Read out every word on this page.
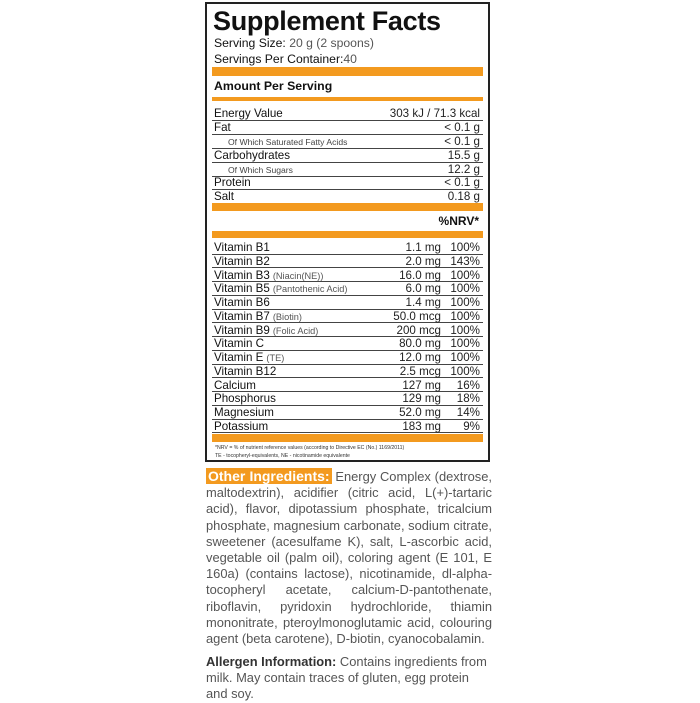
Supplement Facts
Serving Size: 20 g (2 spoons)
Servings Per Container:40
Amount Per Serving
Energy Value	303 kJ / 71.3 kcal
Fat	< 0.1 g
Of Which Saturated Fatty Acids	< 0.1 g
Carbohydrates	15.5 g
Of Which Sugars	12.2 g
Protein	< 0.1 g
Salt	0.18 g
%NRV*
Vitamin B1	1.1 mg 100%
Vitamin B2	2.0 mg 143%
Vitamin B3 (Niacin(NE))	16.0 mg 100%
Vitamin B5 (Pantothenic Acid)	6.0 mg 100%
Vitamin B6	1.4 mg 100%
Vitamin B7 (Biotin)	50.0 mcg 100%
Vitamin B9 (Folic Acid)	200 mcg 100%
Vitamin C	80.0 mg 100%
Vitamin E (TE)	12.0 mg 100%
Vitamin B12	2.5 mcg 100%
Calcium	127 mg	16%
Phosphorus	129 mg	18%
Magnesium	52.0 mg	14%
Potassium	183 mg	9%
*NRV = % of nutrient reference values (according to Directive EC (No.) 1169/2011)
TE - tocopheryl-equivalents, NE - nicotinamide equivalente
Other Ingredients: Energy Complex (dextrose, maltodextrin), acidifier (citric acid, L(+)-tartaric acid), flavor, dipotassium phosphate, tricalcium phosphate, magnesium carbonate, sodium citrate, sweetener (acesulfame K), salt, L-ascorbic acid, vegetable oil (palm oil), coloring agent (E 101, E 160a) (contains lactose), nicotinamide, dl-alpha-tocopheryl acetate, calcium-D-pantothenate, riboflavin, pyridoxin hydrochloride, thiamin mononitrate, pteroylmonoglutamic acid, colouring agent (beta carotene), D-biotin, cyanocobalamin.
Allergen Information: Contains ingredients from milk. May contain traces of gluten, egg protein and soy.
